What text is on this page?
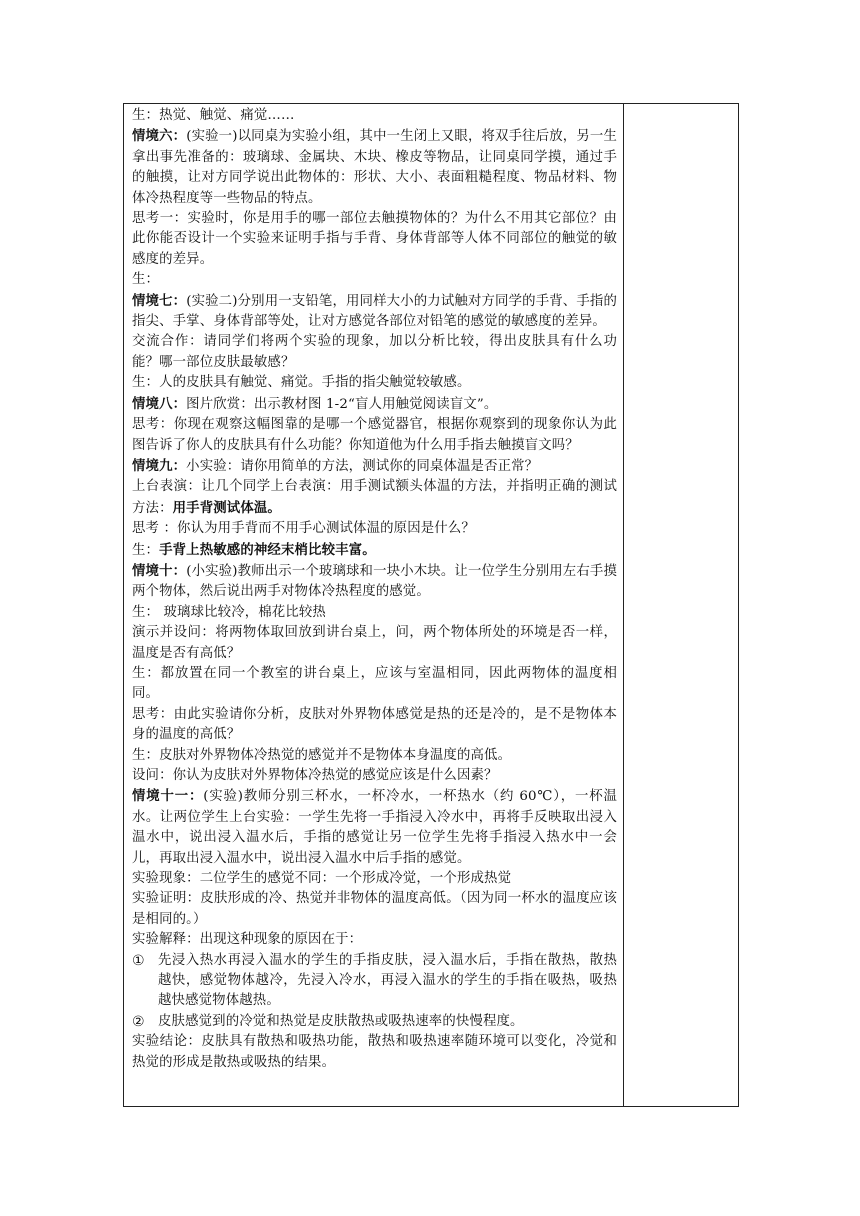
生：热觉、触觉、痛觉……

情境六：(实验一)以同桌为实验小组，其中一生闭上又眼，将双手往后放，另一生拿出事先准备的：玻璃球、金属块、木块、橡皮等物品，让同桌同学摸，通过手的触摸，让对方同学说出此物体的：形状、大小、表面粗糙程度、物品材料、物体冷热程度等一些物品的特点。

思考一：实验时，你是用手的哪一部位去触摸物体的？为什么不用其它部位？由此你能否设计一个实验来证明手指与手背、身体背部等人体不同部位的触觉的敏感度的差异。

生：

情境七：(实验二)分别用一支铅笔，用同样大小的力试触对方同学的手背、手指的指尖、手掌、身体背部等处，让对方感觉各部位对铅笔的感觉的敏感度的差异。

交流合作：请同学们将两个实验的现象，加以分析比较，得出皮肤具有什么功能？哪一部位皮肤最敏感？

生：人的皮肤具有触觉、痛觉。手指的指尖触觉较敏感。

情境八：图片欣赏：出示教材图 1-2“盲人用触觉阅读盲文”。

思考：你现在观察这幅图靠的是哪一个感觉器官，根据你观察到的现象你认为此图告诉了你人的皮肤具有什么功能？你知道他为什么用手指去触摸盲文吗？

情境九：小实验：请你用简单的方法，测试你的同桌体温是否正常？

上台表演：让几个同学上台表演：用手测试额头体温的方法，并指明正确的测试方法：用手背测试体温。

思考 ：你认为用手背而不用手心测试体温的原因是什么？

生：手背上热敏感的神经末梢比较丰富。

情境十：(小实验)教师出示一个玻璃球和一块小木块。让一位学生分别用左右手摸两个物体，然后说出两手对物体冷热程度的感觉。

生： 玻璃球比较冷，棉花比较热

演示并设问：将两物体取回放到讲台桌上，问，两个物体所处的环境是否一样，温度是否有高低？

生：都放置在同一个教室的讲台桌上，应该与室温相同，因此两物体的温度相同。

思考：由此实验请你分析，皮肤对外界物体感觉是热的还是冷的，是不是物体本身的温度的高低？

生：皮肤对外界物体冷热觉的感觉并不是物体本身温度的高低。

设问：你认为皮肤对外界物体冷热觉的感觉应该是什么因素？

情境十一：(实验)教师分别三杯水，一杯冷水，一杯热水（约 60℃），一杯温水。让两位学生上台实验：一学生先将一手指浸入冷水中，再将手反映取出浸入温水中，说出浸入温水后，手指的感觉让另一位学生先将手指浸入热水中一会儿，再取出浸入温水中，说出浸入温水中后手指的感觉。

实验现象：二位学生的感觉不同：一个形成冷觉，一个形成热觉

实验证明：皮肤形成的冷、热觉并非物体的温度高低。（因为同一杯水的温度应该是相同的。）

实验解释：出现这种现象的原因在于：

①	先浸入热水再浸入温水的学生的手指皮肤，浸入温水后，手指在散热，散热越快，感觉物体越冷，先浸入冷水，再浸入温水的学生的手指在吸热，吸热越快感觉物体越热。
②	皮肤感觉到的冷觉和热觉是皮肤散热或吸热速率的快慢程度。

实验结论：皮肤具有散热和吸热功能，散热和吸热速率随环境可以变化，冷觉和热觉的形成是散热或吸热的结果。
